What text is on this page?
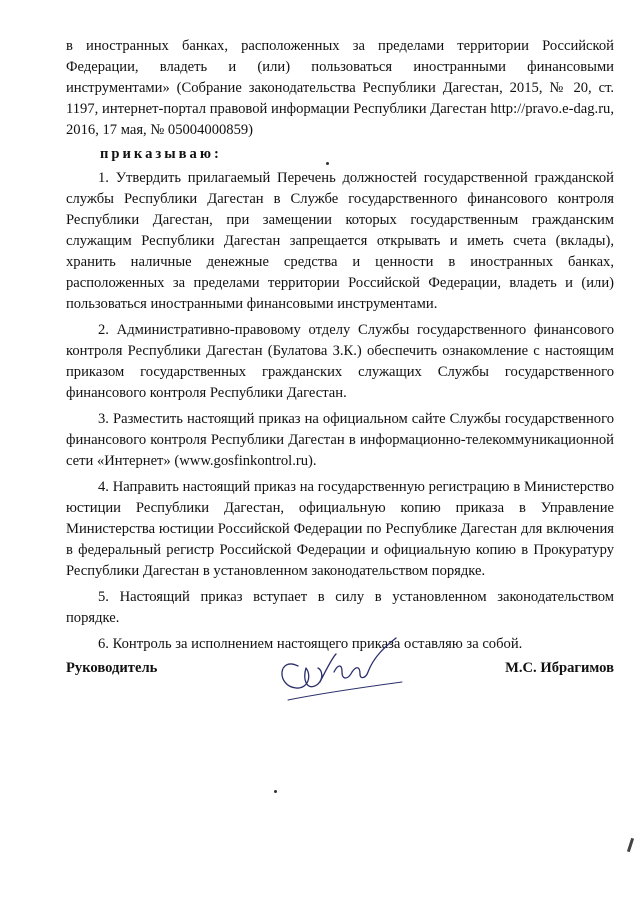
в иностранных банках, расположенных за пределами территории Российской Федерации, владеть и (или) пользоваться иностранными финансовыми инструментами» (Собрание законодательства Республики Дагестан, 2015, № 20, ст. 1197, интернет-портал правовой информации Республики Дагестан http://pravo.e-dag.ru, 2016, 17 мая, № 05004000859)
приказываю:

1. Утвердить прилагаемый Перечень должностей государственной гражданской службы Республики Дагестан в Службе государственного финансового контроля Республики Дагестан, при замещении которых государственным гражданским служащим Республики Дагестан запрещается открывать и иметь счета (вклады), хранить наличные денежные средства и ценности в иностранных банках, расположенных за пределами территории Российской Федерации, владеть и (или) пользоваться иностранными финансовыми инструментами.

2. Административно-правовому отделу Службы государственного финансового контроля Республики Дагестан (Булатова З.К.) обеспечить ознакомление с настоящим приказом государственных гражданских служащих Службы государственного финансового контроля Республики Дагестан.

3. Разместить настоящий приказ на официальном сайте Службы государственного финансового контроля Республики Дагестан в информационно-телекоммуникационной сети «Интернет» (www.gosfinkontrol.ru).

4. Направить настоящий приказ на государственную регистрацию в Министерство юстиции Республики Дагестан, официальную копию приказа в Управление Министерства юстиции Российской Федерации по Республике Дагестан для включения в федеральный регистр Российской Федерации и официальную копию в Прокуратуру Республики Дагестан в установленном законодательством порядке.

5. Настоящий приказ вступает в силу в установленном законодательством порядке.

6. Контроль за исполнением настоящего приказа оставляю за собой.

Руководитель	М.С. Ибрагимов
